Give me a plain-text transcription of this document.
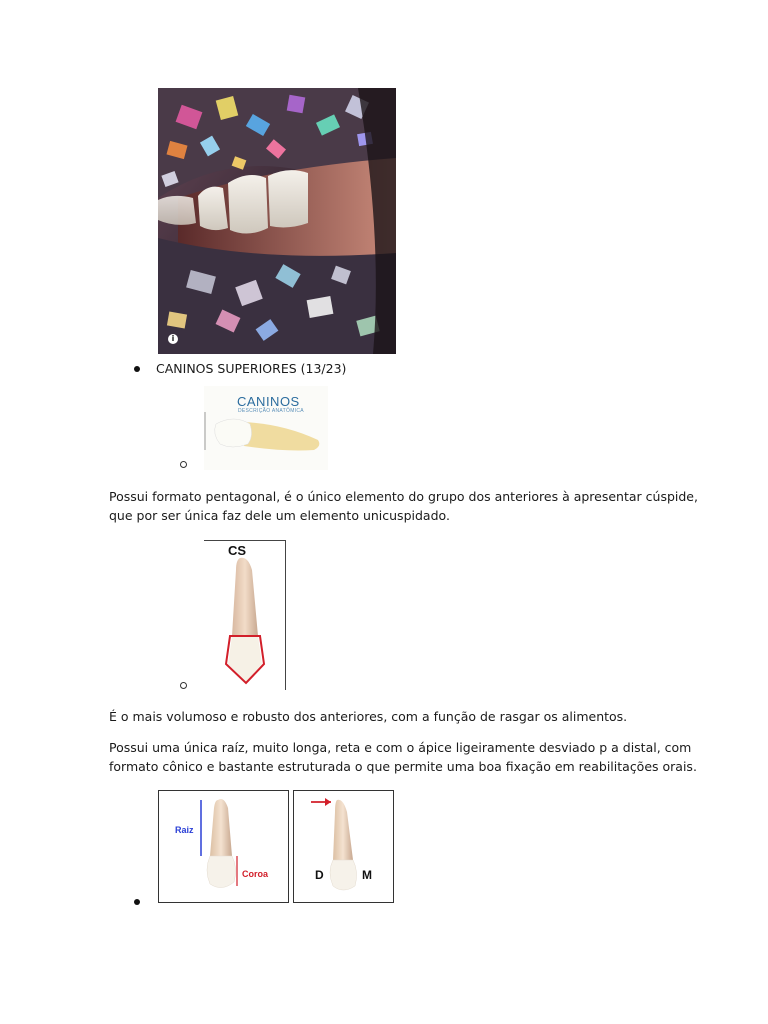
i
CANINOS SUPERIORES (13/23)
CANINOS
DESCRIÇÃO ANATÔMICA
Possui formato pentagonal, é o único elemento do grupo dos anteriores à apresentar cúspide,
que por ser única faz dele um elemento unicuspidado.
CS
É o mais volumoso e robusto dos anteriores, com a função de rasgar os alimentos.
Possui uma única raíz, muito longa, reta e com o ápice ligeiramente desviado p a distal, com
formato cônico e bastante estruturada o que permite uma boa fixação em reabilitações orais.
Raiz
Coroa	D	M
